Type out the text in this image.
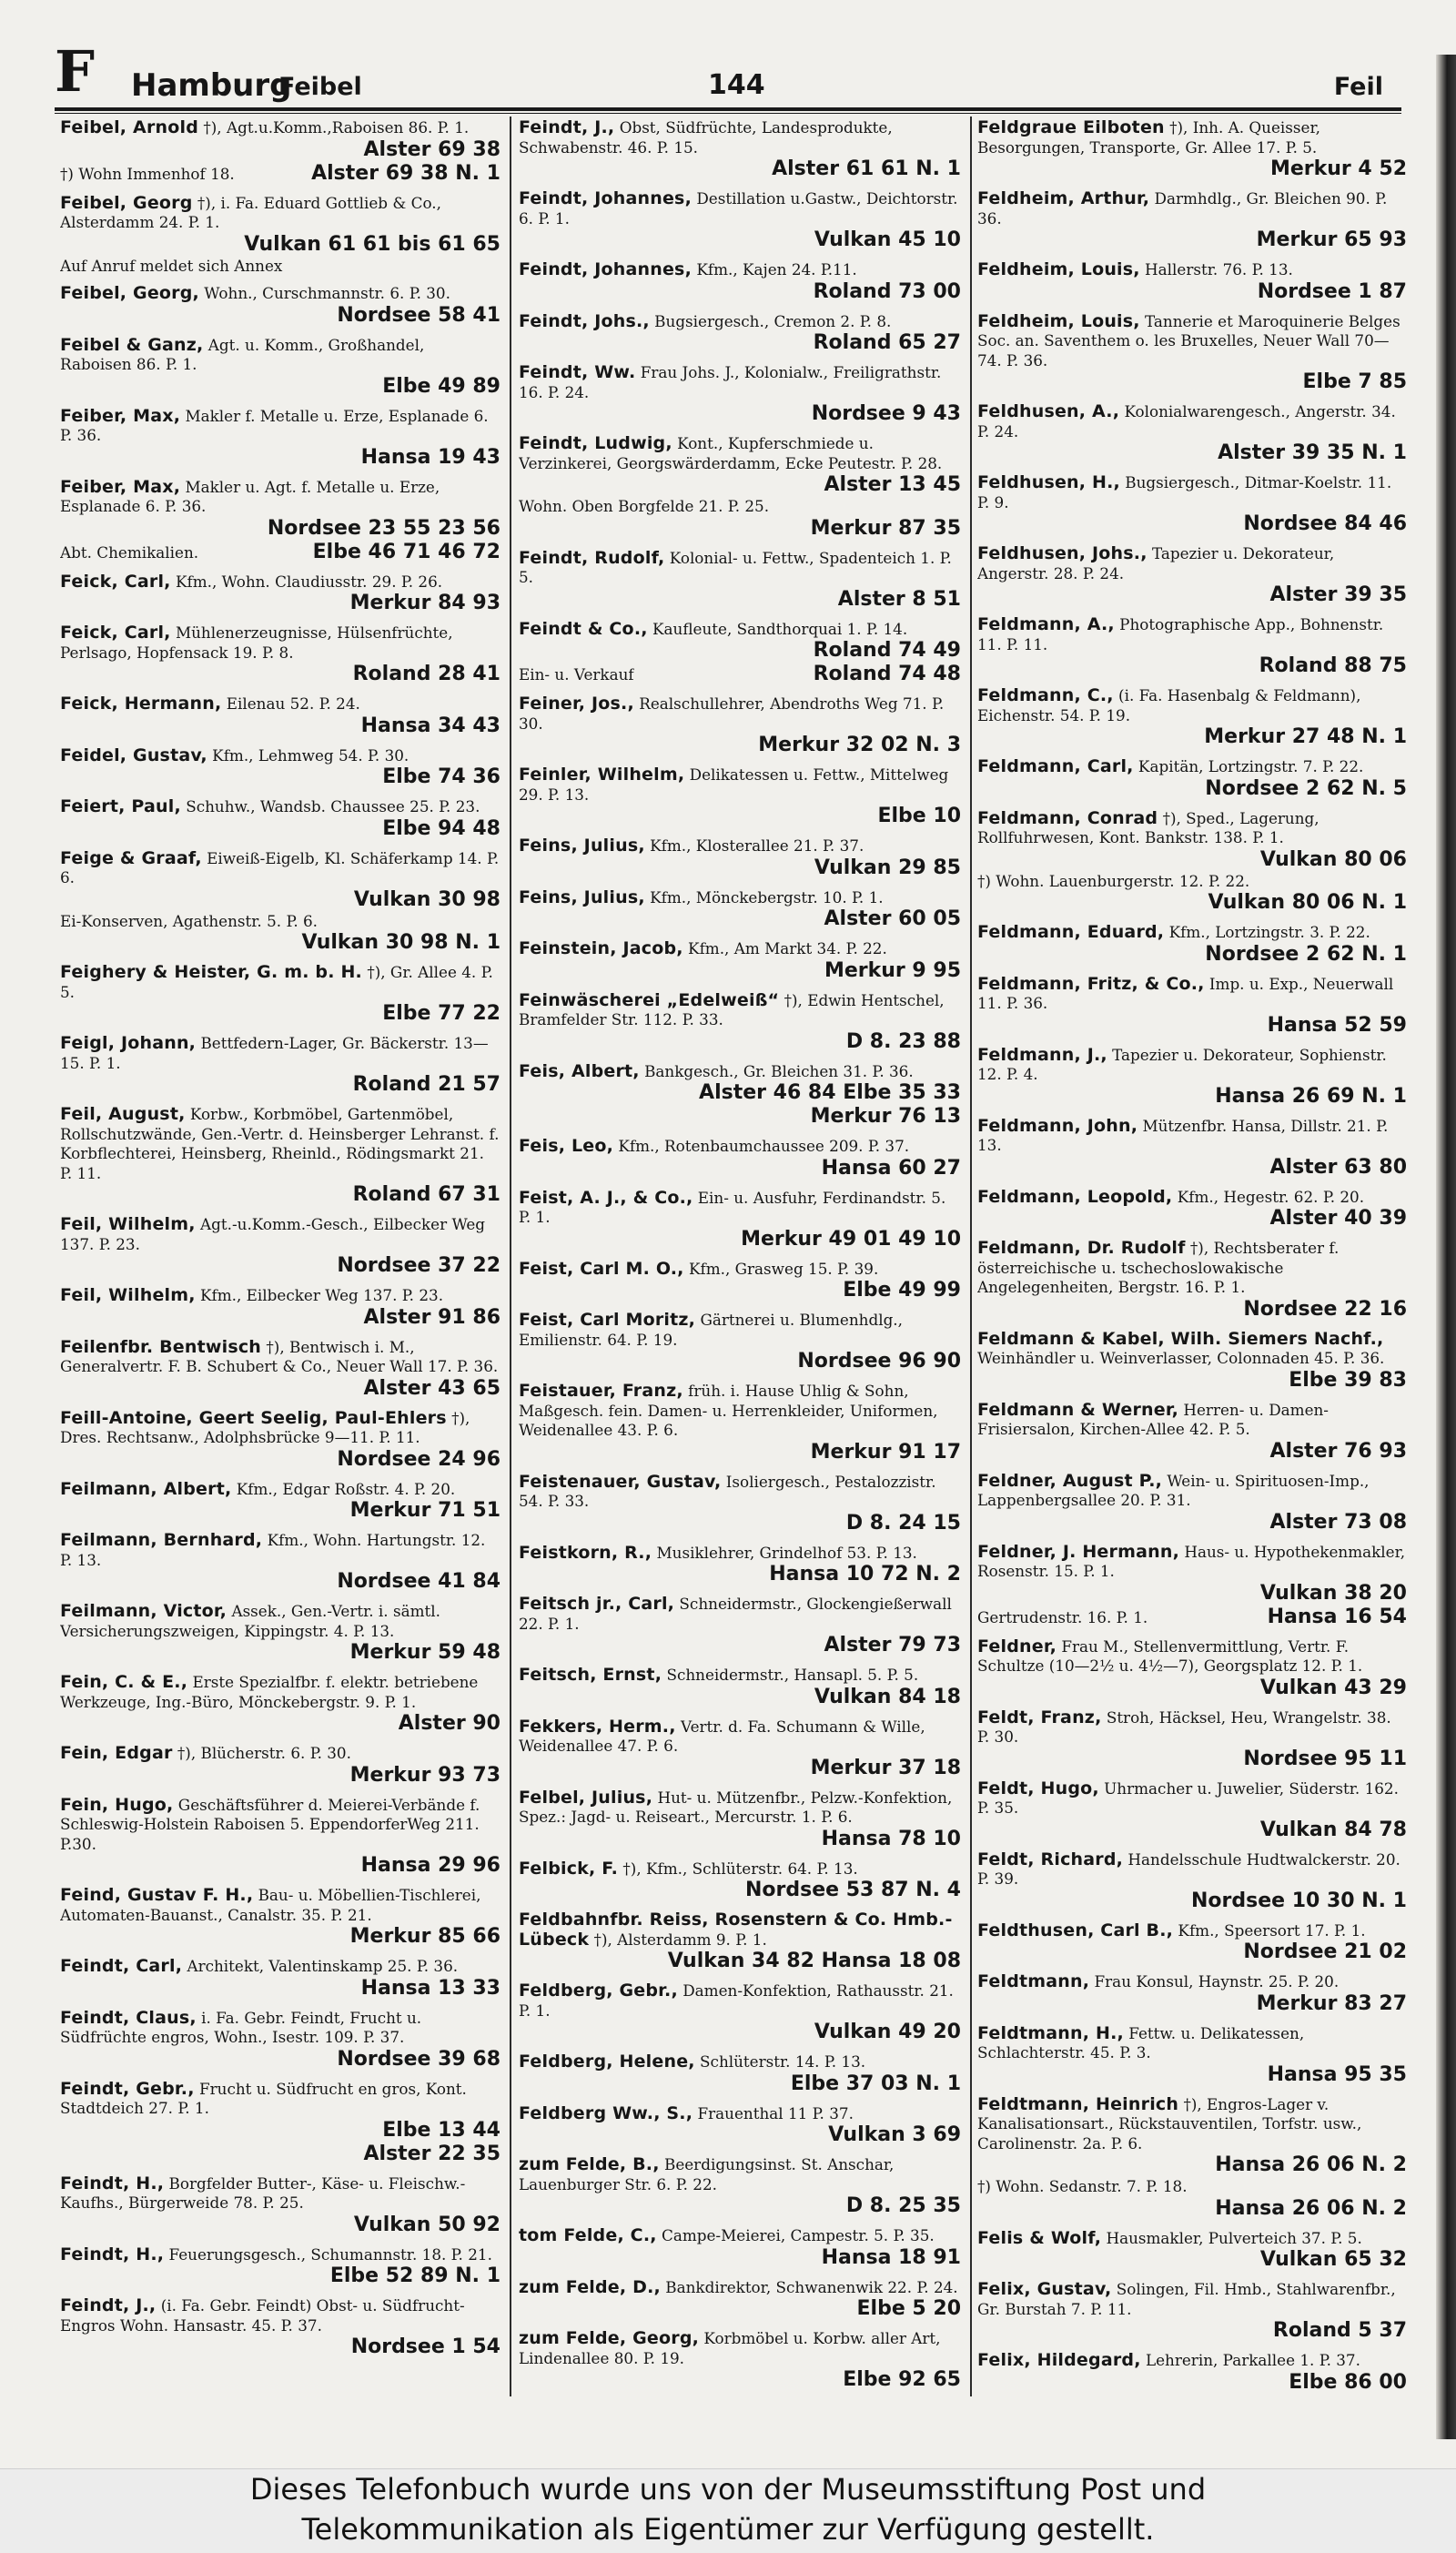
F Hamburg
Feibel	144	Feil
Feibel, Arnold †), Agt.u.Komm.,Raboisen 86. P. 1.
Alster 69 38
†) Wohn Immenhof 18.	Alster 69 38 N. 1
Feibel, Georg †), i. Fa. Eduard Gottlieb & Co., Alsterdamm 24. P. 1.
Vulkan 61 61 bis 61 65
Auf Anruf meldet sich Annex
Feibel, Georg, Wohn., Curschmannstr. 6. P. 30.
Nordsee 58 41
Feibel & Ganz, Agt. u. Komm., Großhandel, Raboisen 86. P. 1.
Elbe 49 89
Feiber, Max, Makler f. Metalle u. Erze, Esplanade 6. P. 36.
Hansa 19 43
Feiber, Max, Makler u. Agt. f. Metalle u. Erze, Esplanade 6. P. 36.
Nordsee 23 55 23 56
Abt. Chemikalien.	Elbe 46 71 46 72
Feick, Carl, Kfm., Wohn. Claudiusstr. 29. P. 26.
Merkur 84 93
Feick, Carl, Mühlenerzeugnisse, Hülsenfrüchte, Perlsago, Hopfensack 19. P. 8.
Roland 28 41
Feick, Hermann, Eilenau 52. P. 24.
Hansa 34 43
Feidel, Gustav, Kfm., Lehmweg 54. P. 30.
Elbe 74 36
Feiert, Paul, Schuhw., Wandsb. Chaussee 25. P. 23.
Elbe 94 48
Feige & Graaf, Eiweiß-Eigelb, Kl. Schäferkamp 14. P. 6.
Vulkan 30 98
Ei-Konserven, Agathenstr. 5. P. 6.
Vulkan 30 98 N. 1
Feighery & Heister, G. m. b. H. †), Gr. Allee 4. P. 5.
Elbe 77 22
Feigl, Johann, Bettfedern-Lager, Gr. Bäckerstr. 13—15. P. 1.
Roland 21 57
Feil, August, Korbw., Korbmöbel, Gartenmöbel, Rollschutzwände, Gen.-Vertr. d. Heinsberger Lehranst. f. Korbflechterei, Heinsberg, Rheinld., Rödingsmarkt 21. P. 11.
Roland 67 31
Feil, Wilhelm, Agt.-u.Komm.-Gesch., Eilbecker Weg 137. P. 23.
Nordsee 37 22
Feil, Wilhelm, Kfm., Eilbecker Weg 137. P. 23.
Alster 91 86
Feilenfbr. Bentwisch †), Bentwisch i. M., Generalvertr. F. B. Schubert & Co., Neuer Wall 17. P. 36.
Alster 43 65
Feill-Antoine, Geert Seelig, Paul-Ehlers †), Dres. Rechtsanw., Adolphsbrücke 9—11. P. 11.
Nordsee 24 96
Feilmann, Albert, Kfm., Edgar Roßstr. 4. P. 20.
Merkur 71 51
Feilmann, Bernhard, Kfm., Wohn. Hartungstr. 12. P. 13.
Nordsee 41 84
Feilmann, Victor, Assek., Gen.-Vertr. i. sämtl. Versicherungszweigen, Kippingstr. 4. P. 13.
Merkur 59 48
Fein, C. & E., Erste Spezialfbr. f. elektr. betriebene Werkzeuge, Ing.-Büro, Mönckebergstr. 9. P. 1.
Alster 90
Fein, Edgar †), Blücherstr. 6. P. 30.
Merkur 93 73
Fein, Hugo, Geschäftsführer d. Meierei-Verbände f. Schleswig-Holstein Raboisen 5. EppendorferWeg 211. P.30.
Hansa 29 96
Feind, Gustav F. H., Bau- u. Möbellien-Tischlerei, Automaten-Bauanst., Canalstr. 35. P. 21.
Merkur 85 66
Feindt, Carl, Architekt, Valentinskamp 25. P. 36.
Hansa 13 33
Feindt, Claus, i. Fa. Gebr. Feindt, Frucht u. Südfrüchte engros, Wohn., Isestr. 109. P. 37.
Nordsee 39 68
Feindt, Gebr., Frucht u. Südfrucht en gros, Kont. Stadtdeich 27. P. 1.
Elbe 13 44
Alster 22 35
Feindt, H., Borgfelder Butter-, Käse- u. Fleischw.-Kaufhs., Bürgerweide 78. P. 25.
Vulkan 50 92
Feindt, H., Feuerungsgesch., Schumannstr. 18. P. 21.
Elbe 52 89 N. 1
Feindt, J., (i. Fa. Gebr. Feindt) Obst- u. Südfrucht-Engros Wohn. Hansastr. 45. P. 37.
Nordsee 1 54
Feindt, J., Obst, Südfrüchte, Landesprodukte, Schwabenstr. 46. P. 15.
Alster 61 61 N. 1
Feindt, Johannes, Destillation u.Gastw., Deichtorstr. 6. P. 1.
Vulkan 45 10
Feindt, Johannes, Kfm., Kajen 24. P.11.
Roland 73 00
Feindt, Johs., Bugsiergesch., Cremon 2. P. 8.
Roland 65 27
Feindt, Ww. Frau Johs. J., Kolonialw., Freiligrathstr. 16. P. 24.
Nordsee 9 43
Feindt, Ludwig, Kont., Kupferschmiede u. Verzinkerei, Georgswärderdamm, Ecke Peutestr. P. 28.
Alster 13 45
Wohn. Oben Borgfelde 21. P. 25.
Merkur 87 35
Feindt, Rudolf, Kolonial- u. Fettw., Spadenteich 1. P. 5.
Alster 8 51
Feindt & Co., Kaufleute, Sandthorquai 1. P. 14.
Roland 74 49
Ein- u. Verkauf	Roland 74 48
Feiner, Jos., Realschullehrer, Abendroths Weg 71. P. 30.
Merkur 32 02 N. 3
Feinler, Wilhelm, Delikatessen u. Fettw., Mittelweg 29. P. 13.
Elbe 10
Feins, Julius, Kfm., Klosterallee 21. P. 37.
Vulkan 29 85
Feins, Julius, Kfm., Mönckebergstr. 10. P. 1.
Alster 60 05
Feinstein, Jacob, Kfm., Am Markt 34. P. 22.
Merkur 9 95
Feinwäscherei „Edelweiß“ †), Edwin Hentschel, Bramfelder Str. 112. P. 33.
D 8. 23 88
Feis, Albert, Bankgesch., Gr. Bleichen 31. P. 36.
Alster 46 84 Elbe 35 33
Merkur 76 13
Feis, Leo, Kfm., Rotenbaumchaussee 209. P. 37.
Hansa 60 27
Feist, A. J., & Co., Ein- u. Ausfuhr, Ferdinandstr. 5. P. 1.
Merkur 49 01 49 10
Feist, Carl M. O., Kfm., Grasweg 15. P. 39.
Elbe 49 99
Feist, Carl Moritz, Gärtnerei u. Blumenhdlg., Emilienstr. 64. P. 19.
Nordsee 96 90
Feistauer, Franz, früh. i. Hause Uhlig & Sohn, Maßgesch. fein. Damen- u. Herrenkleider, Uniformen, Weidenallee 43. P. 6.
Merkur 91 17
Feistenauer, Gustav, Isoliergesch., Pestalozzistr. 54. P. 33.
D 8. 24 15
Feistkorn, R., Musiklehrer, Grindelhof 53. P. 13.
Hansa 10 72 N. 2
Feitsch jr., Carl, Schneidermstr., Glockengießerwall 22. P. 1.
Alster 79 73
Feitsch, Ernst, Schneidermstr., Hansapl. 5. P. 5.
Vulkan 84 18
Fekkers, Herm., Vertr. d. Fa. Schumann & Wille, Weidenallee 47. P. 6.
Merkur 37 18
Felbel, Julius, Hut- u. Mützenfbr., Pelzw.-Konfektion, Spez.: Jagd- u. Reiseart., Mercurstr. 1. P. 6.
Hansa 78 10
Felbick, F. †), Kfm., Schlüterstr. 64. P. 13.
Nordsee 53 87 N. 4
Feldbahnfbr. Reiss, Rosenstern & Co. Hmb.-Lübeck †), Alsterdamm 9. P. 1.
Vulkan 34 82 Hansa 18 08
Feldberg, Gebr., Damen-Konfektion, Rathausstr. 21. P. 1.
Vulkan 49 20
Feldberg, Helene, Schlüterstr. 14. P. 13.
Elbe 37 03 N. 1
Feldberg Ww., S., Frauenthal 11 P. 37.
Vulkan 3 69
zum Felde, B., Beerdigungsinst. St. Anschar, Lauenburger Str. 6. P. 22.
D 8. 25 35
tom Felde, C., Campe-Meierei, Campestr. 5. P. 35.
Hansa 18 91
zum Felde, D., Bankdirektor, Schwanenwik 22. P. 24.
Elbe 5 20
zum Felde, Georg, Korbmöbel u. Korbw. aller Art, Lindenallee 80. P. 19.
Elbe 92 65
Feldgraue Eilboten †), Inh. A. Queisser, Besorgungen, Transporte, Gr. Allee 17. P. 5.
Merkur 4 52
Feldheim, Arthur, Darmhdlg., Gr. Bleichen 90. P. 36.
Merkur 65 93
Feldheim, Louis, Hallerstr. 76. P. 13.
Nordsee 1 87
Feldheim, Louis, Tannerie et Maroquinerie Belges Soc. an. Saventhem o. les Bruxelles, Neuer Wall 70—74. P. 36.
Elbe 7 85
Feldhusen, A., Kolonialwarengesch., Angerstr. 34. P. 24.
Alster 39 35 N. 1
Feldhusen, H., Bugsiergesch., Ditmar-Koelstr. 11. P. 9.
Nordsee 84 46
Feldhusen, Johs., Tapezier u. Dekorateur, Angerstr. 28. P. 24.
Alster 39 35
Feldmann, A., Photographische App., Bohnenstr. 11. P. 11.
Roland 88 75
Feldmann, C., (i. Fa. Hasenbalg & Feldmann), Eichenstr. 54. P. 19.
Merkur 27 48 N. 1
Feldmann, Carl, Kapitän, Lortzingstr. 7. P. 22.
Nordsee 2 62 N. 5
Feldmann, Conrad †), Sped., Lagerung, Rollfuhrwesen, Kont. Bankstr. 138. P. 1.
Vulkan 80 06
†) Wohn. Lauenburgerstr. 12. P. 22.
Vulkan 80 06 N. 1
Feldmann, Eduard, Kfm., Lortzingstr. 3. P. 22.
Nordsee 2 62 N. 1
Feldmann, Fritz, & Co., Imp. u. Exp., Neuerwall 11. P. 36.
Hansa 52 59
Feldmann, J., Tapezier u. Dekorateur, Sophienstr. 12. P. 4.
Hansa 26 69 N. 1
Feldmann, John, Mützenfbr. Hansa, Dillstr. 21. P. 13.
Alster 63 80
Feldmann, Leopold, Kfm., Hegestr. 62. P. 20.
Alster 40 39
Feldmann, Dr. Rudolf †), Rechtsberater f. österreichische u. tschechoslowakische Angelegenheiten, Bergstr. 16. P. 1.
Nordsee 22 16
Feldmann & Kabel, Wilh. Siemers Nachf., Weinhändler u. Weinverlasser, Colonnaden 45. P. 36.
Elbe 39 83
Feldmann & Werner, Herren- u. Damen-Frisiersalon, Kirchen-Allee 42. P. 5.
Alster 76 93
Feldner, August P., Wein- u. Spirituosen-Imp., Lappenbergsallee 20. P. 31.
Alster 73 08
Feldner, J. Hermann, Haus- u. Hypothekenmakler, Rosenstr. 15. P. 1.
Vulkan 38 20
Gertrudenstr. 16. P. 1.	Hansa 16 54
Feldner, Frau M., Stellenvermittlung, Vertr. F. Schultze (10—2½ u. 4½—7), Georgsplatz 12. P. 1.
Vulkan 43 29
Feldt, Franz, Stroh, Häcksel, Heu, Wrangelstr. 38. P. 30.
Nordsee 95 11
Feldt, Hugo, Uhrmacher u. Juwelier, Süderstr. 162. P. 35.
Vulkan 84 78
Feldt, Richard, Handelsschule Hudtwalckerstr. 20. P. 39.
Nordsee 10 30 N. 1
Feldthusen, Carl B., Kfm., Speersort 17. P. 1.
Nordsee 21 02
Feldtmann, Frau Konsul, Haynstr. 25. P. 20.
Merkur 83 27
Feldtmann, H., Fettw. u. Delikatessen, Schlachterstr. 45. P. 3.
Hansa 95 35
Feldtmann, Heinrich †), Engros-Lager v. Kanalisationsart., Rückstauventilen, Torfstr. usw., Carolinenstr. 2a. P. 6.
Hansa 26 06 N. 2
†) Wohn. Sedanstr. 7. P. 18.
Hansa 26 06 N. 2
Felis & Wolf, Hausmakler, Pulverteich 37. P. 5.
Vulkan 65 32
Felix, Gustav, Solingen, Fil. Hmb., Stahlwarenfbr., Gr. Burstah 7. P. 11.
Roland 5 37
Felix, Hildegard, Lehrerin, Parkallee 1. P. 37.
Elbe 86 00
Dieses Telefonbuch wurde uns von der Museumsstiftung Post und
Telekommunikation als Eigentümer zur Verfügung gestellt.
